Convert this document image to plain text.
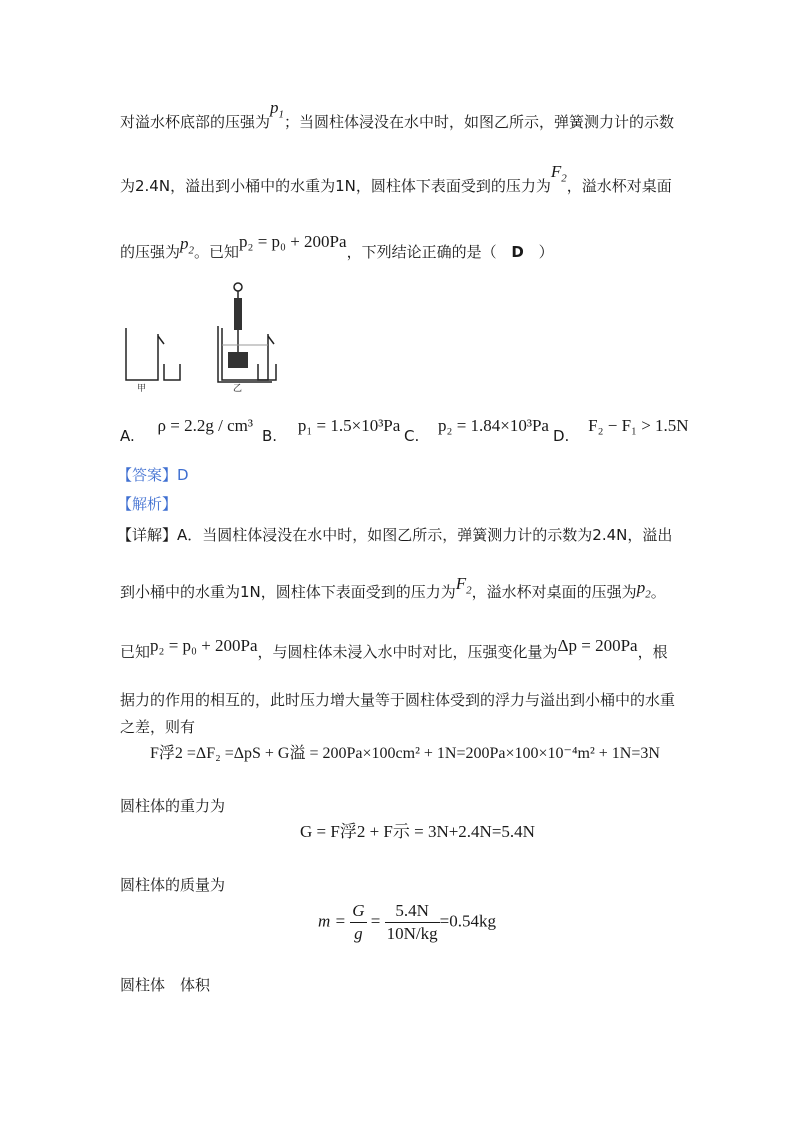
对溢水杯底部的压强为$p_1$；当圆柱体浸没在水中时，如图乙所示，弹簧测力计的示数
为2.4N，溢出到小桶中的水重为1N，圆柱体下表面受到的压力为$F_2$，溢水杯对桌面
的压强为$p_2$。已知p₂ = p₀ + 200Pa，下列结论正确的是（ D ）
甲	乙
A. ρ = 2.2g / cm³
B. p₁ = 1.5×10³Pa
C. p₂ = 1.84×10³Pa
D. F₂ − F₁ > 1.5N
【答案】D
【解析】
【详解】A．当圆柱体浸没在水中时，如图乙所示，弹簧测力计的示数为2.4N，溢出
到小桶中的水重为1N，圆柱体下表面受到的压力为$F_2$，溢水杯对桌面的压强为$p_2$。
已知p₂ = p₀ + 200Pa，与圆柱体未浸入水中时对比，压强变化量为Δp = 200Pa，根
据力的作用的相互的，此时压力增大量等于圆柱体受到的浮力与溢出到小桶中的水重
之差，则有
F浮2 =ΔF₂ =ΔpS + G溢 = 200Pa×100cm² + 1N=200Pa×100×10⁻⁴m² + 1N=3N
圆柱体的重力为
G = F浮2 + F示 = 3N+2.4N=5.4N
圆柱体的质量为
$m = \frac{G}{g} = \frac{5.4N}{10N/kg} =0.54kg$
圆柱体　体积
